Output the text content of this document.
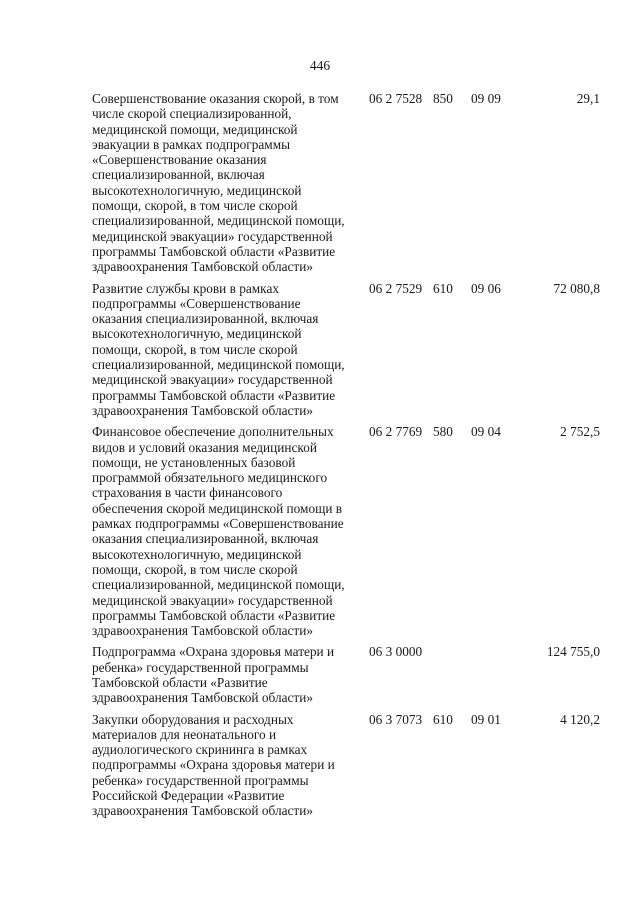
446
Совершенствование оказания скорой, в том
числе скорой специализированной,
медицинской помощи, медицинской
эвакуации в рамках подпрограммы
«Совершенствование оказания
специализированной, включая
высокотехнологичную, медицинской
помощи, скорой, в том числе скорой
специализированной, медицинской помощи,
медицинской эвакуации» государственной
программы Тамбовской области «Развитие
здравоохранения Тамбовской области»
06 2 7528 850 09 09	29,1
Развитие службы крови в рамках
подпрограммы «Совершенствование
оказания специализированной, включая
высокотехнологичную, медицинской
помощи, скорой, в том числе скорой
специализированной, медицинской помощи,
медицинской эвакуации» государственной
программы Тамбовской области «Развитие
здравоохранения Тамбовской области»
06 2 7529 610 09 06	72 080,8
Финансовое обеспечение дополнительных
видов и условий оказания медицинской
помощи, не установленных базовой
программой обязательного медицинского
страхования в части финансового
обеспечения скорой медицинской помощи в
рамках подпрограммы «Совершенствование
оказания специализированной, включая
высокотехнологичную, медицинской
помощи, скорой, в том числе скорой
специализированной, медицинской помощи,
медицинской эвакуации» государственной
программы Тамбовской области «Развитие
здравоохранения Тамбовской области»
06 2 7769 580 09 04	2 752,5
Подпрограмма «Охрана здоровья матери и
ребенка» государственной программы
Тамбовской области «Развитие
здравоохранения Тамбовской области»
06 3 0000	124 755,0
Закупки оборудования и расходных
материалов для неонатального и
аудиологического скрининга в рамках
подпрограммы «Охрана здоровья матери и
ребенка» государственной программы
Российской Федерации «Развитие
здравоохранения Тамбовской области»
06 3 7073 610 09 01	4 120,2
